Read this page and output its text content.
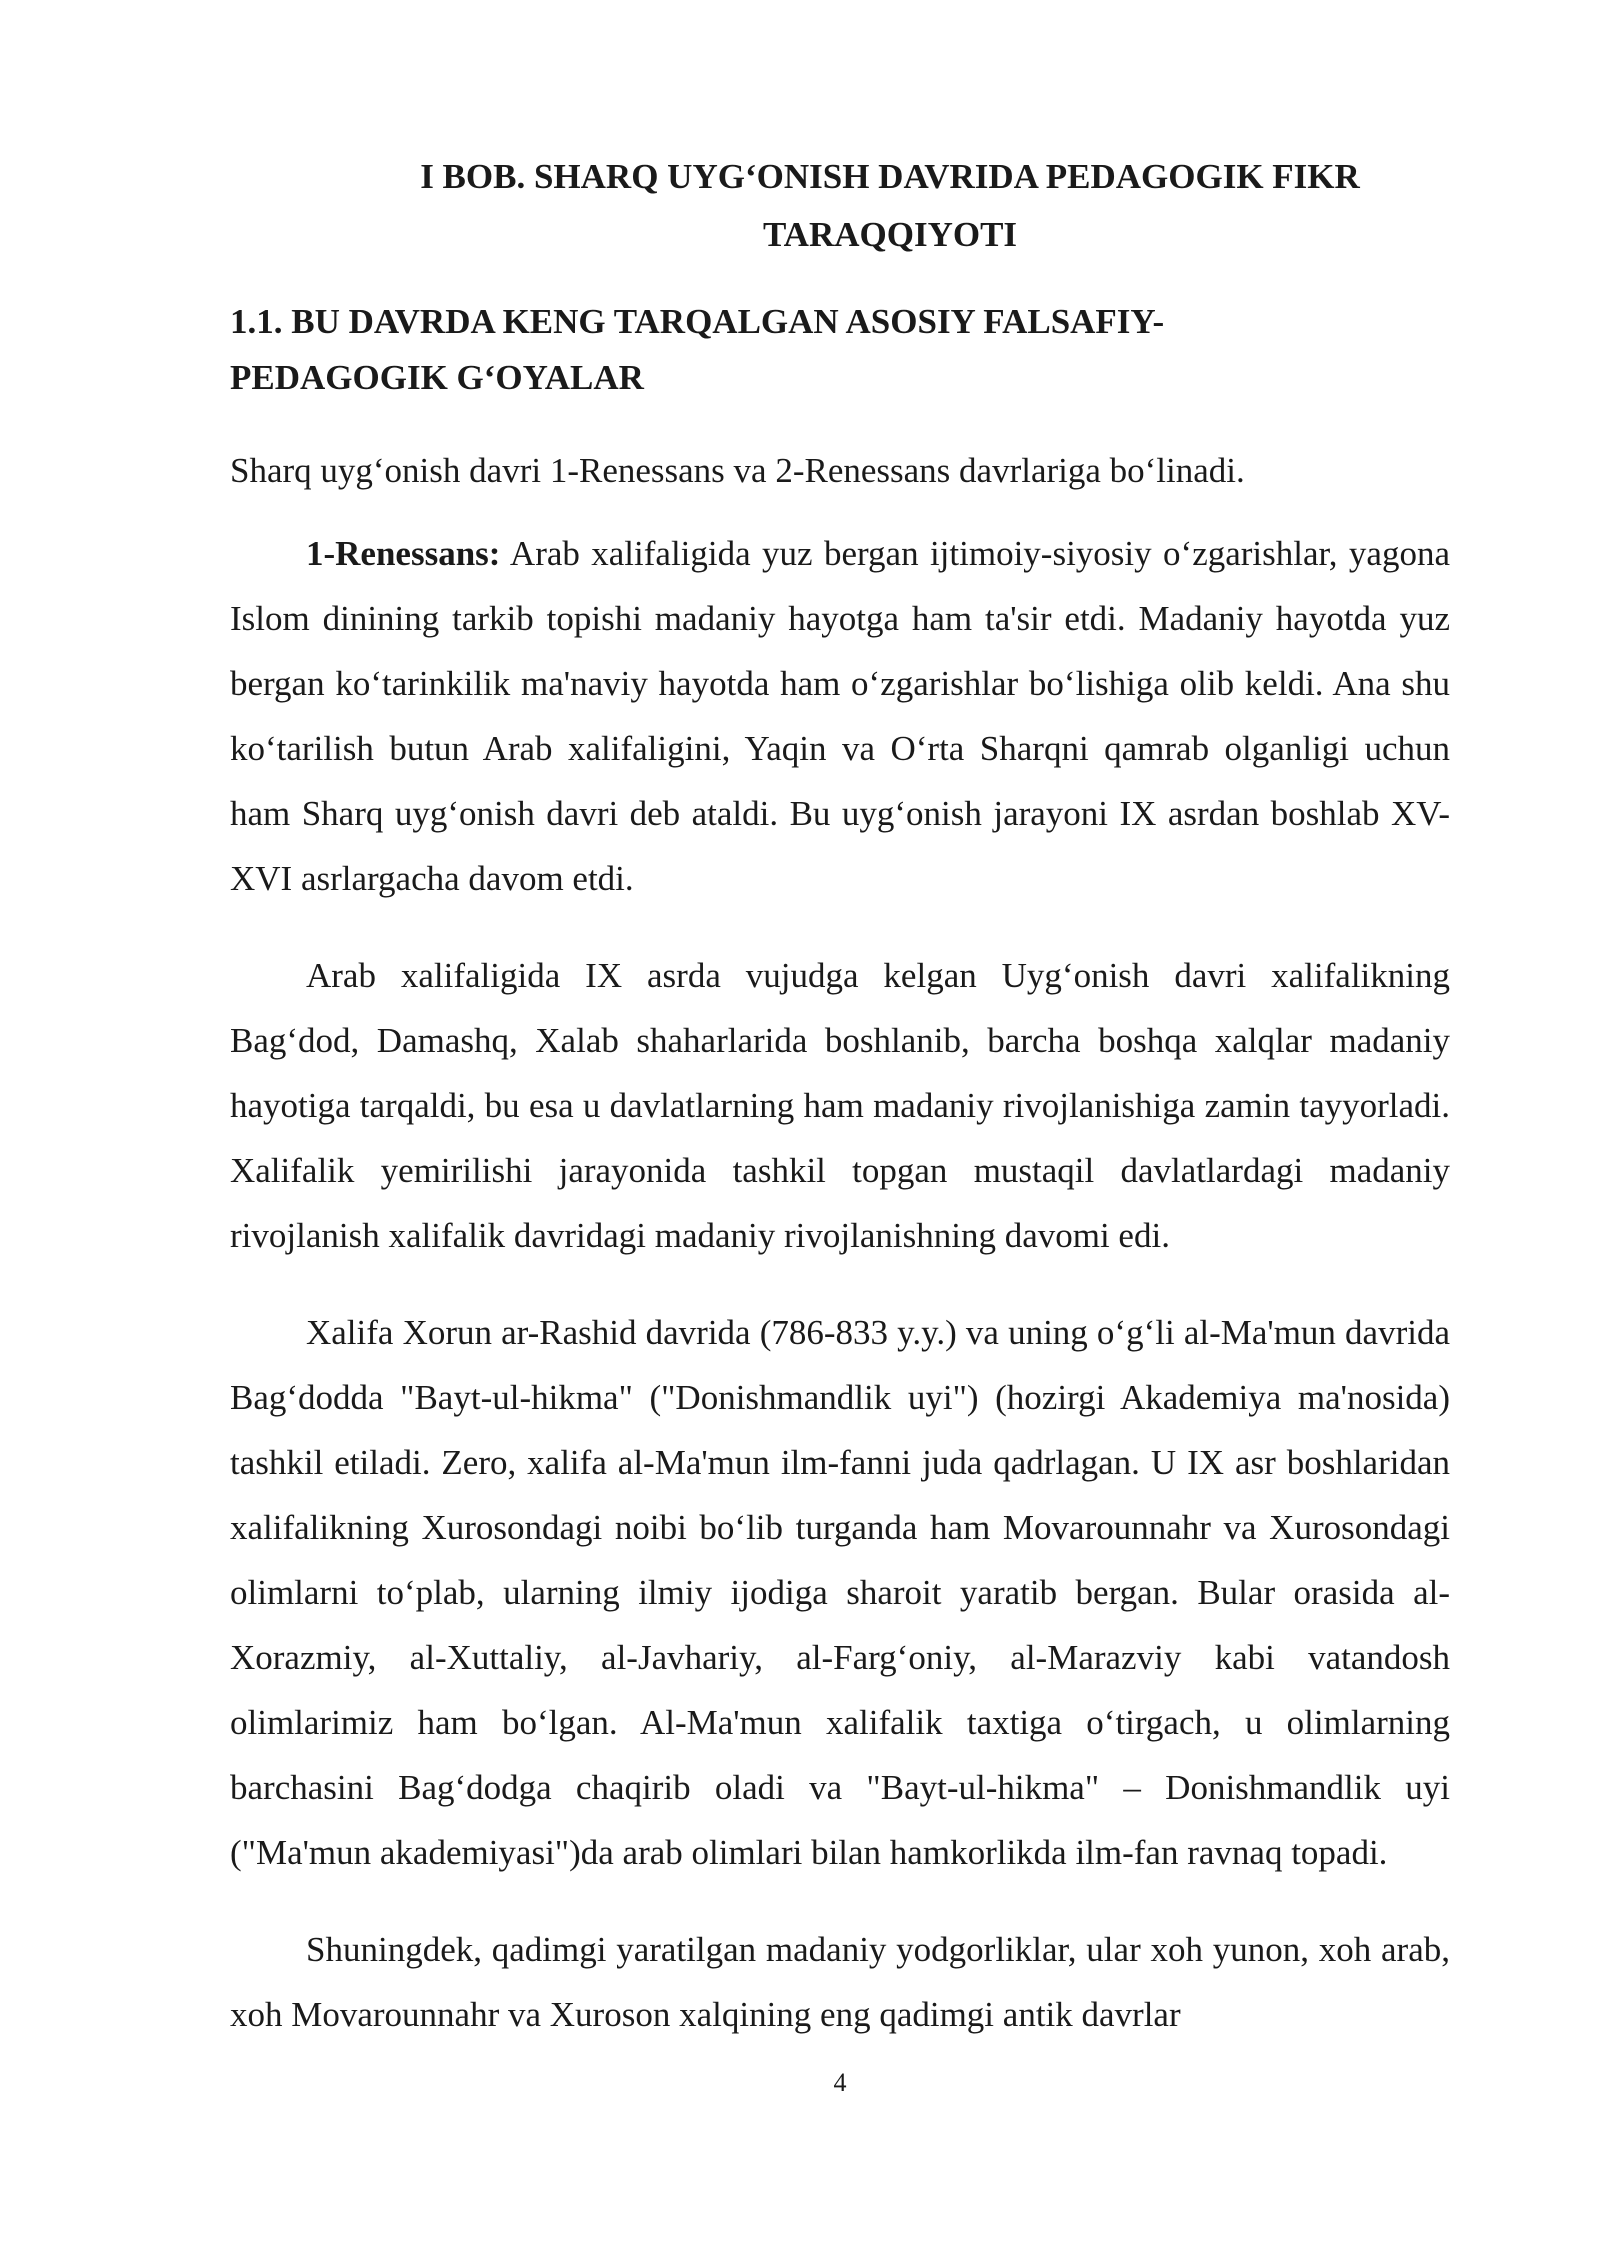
I BOB. SHARQ UYG‘ONISH DAVRIDA PEDAGOGIK FIKR
TARAQQIYOTI
1.1. BU DAVRDA KENG TARQALGAN ASOSIY FALSAFIY-
PEDAGOGIK G‘OYALAR

Sharq uyg‘onish davri 1-Renessans va 2-Renessans davrlariga bo‘linadi.

1-Renessans: Arab xalifaligida yuz bergan ijtimoiy-siyosiy o‘zgarishlar, yagona Islom dinining tarkib topishi madaniy hayotga ham ta'sir etdi. Madaniy hayotda yuz bergan ko‘tarinkilik ma'naviy hayotda ham o‘zgarishlar bo‘lishiga olib keldi. Ana shu ko‘tarilish butun Arab xalifaligini, Yaqin va O‘rta Sharqni qamrab olganligi uchun ham Sharq uyg‘onish davri deb ataldi. Bu uyg‘onish jarayoni IX asrdan boshlab XV-XVI asrlargacha davom etdi.

Arab xalifaligida IX asrda vujudga kelgan Uyg‘onish davri xalifalikning Bag‘dod, Damashq, Xalab shaharlarida boshlanib, barcha boshqa xalqlar madaniy hayotiga tarqaldi, bu esa u davlatlarning ham madaniy rivojlanishiga zamin tayyorladi. Xalifalik yemirilishi jarayonida tashkil topgan mustaqil davlatlardagi madaniy rivojlanish xalifalik davridagi madaniy rivojlanishning davomi edi.

Xalifa Xorun ar-Rashid davrida (786-833 y.y.) va uning o‘g‘li al-Ma'mun davrida Bag‘dodda "Bayt-ul-hikma" ("Donishmandlik uyi") (hozirgi Akademiya ma'nosida) tashkil etiladi. Zero, xalifa al-Ma'mun ilm-fanni juda qadrlagan. U IX asr boshlaridan xalifalikning Xurosondagi noibi bo‘lib turganda ham Movarounnahr va Xurosondagi olimlarni to‘plab, ularning ilmiy ijodiga sharoit yaratib bergan. Bular orasida al-Xorazmiy, al-Xuttaliy, al-Javhariy, al-Farg‘oniy, al-Marazviy kabi vatandosh olimlarimiz ham bo‘lgan. Al-Ma'mun xalifalik taxtiga o‘tirgach, u olimlarning barchasini Bag‘dodga chaqirib oladi va "Bayt-ul-hikma" – Donishmandlik uyi ("Ma'mun akademiyasi")da arab olimlari bilan hamkorlikda ilm-fan ravnaq topadi.

Shuningdek, qadimgi yaratilgan madaniy yodgorliklar, ular xoh yunon, xoh arab, xoh Movarounnahr va Xuroson xalqining eng qadimgi antik davrlar

4
